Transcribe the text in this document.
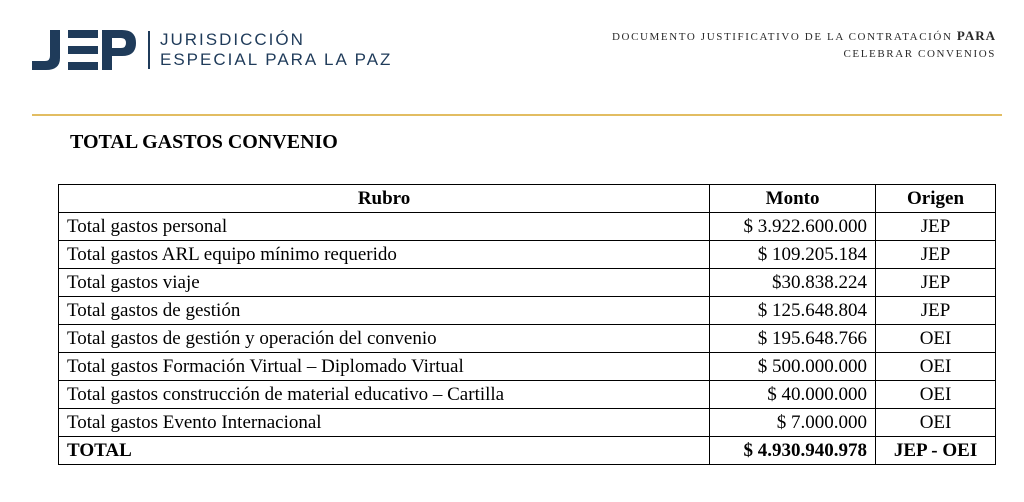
JURISDICCIÓN
ESPECIAL PARA LA PAZ
DOCUMENTO JUSTIFICATIVO DE LA CONTRATACIÓN PARA
CELEBRAR CONVENIOS
TOTAL GASTOS CONVENIO
Rubro	Monto	Origen
Total gastos personal	$ 3.922.600.000	JEP
Total gastos ARL equipo mínimo requerido	$ 109.205.184	JEP
Total gastos viaje	$30.838.224	JEP
Total gastos de gestión	$ 125.648.804	JEP
Total gastos de gestión y operación del convenio	$ 195.648.766	OEI
Total gastos Formación Virtual – Diplomado Virtual	$ 500.000.000	OEI
Total gastos construcción de material educativo – Cartilla	$ 40.000.000	OEI
Total gastos Evento Internacional	$ 7.000.000	OEI
TOTAL	$ 4.930.940.978	JEP - OEI
